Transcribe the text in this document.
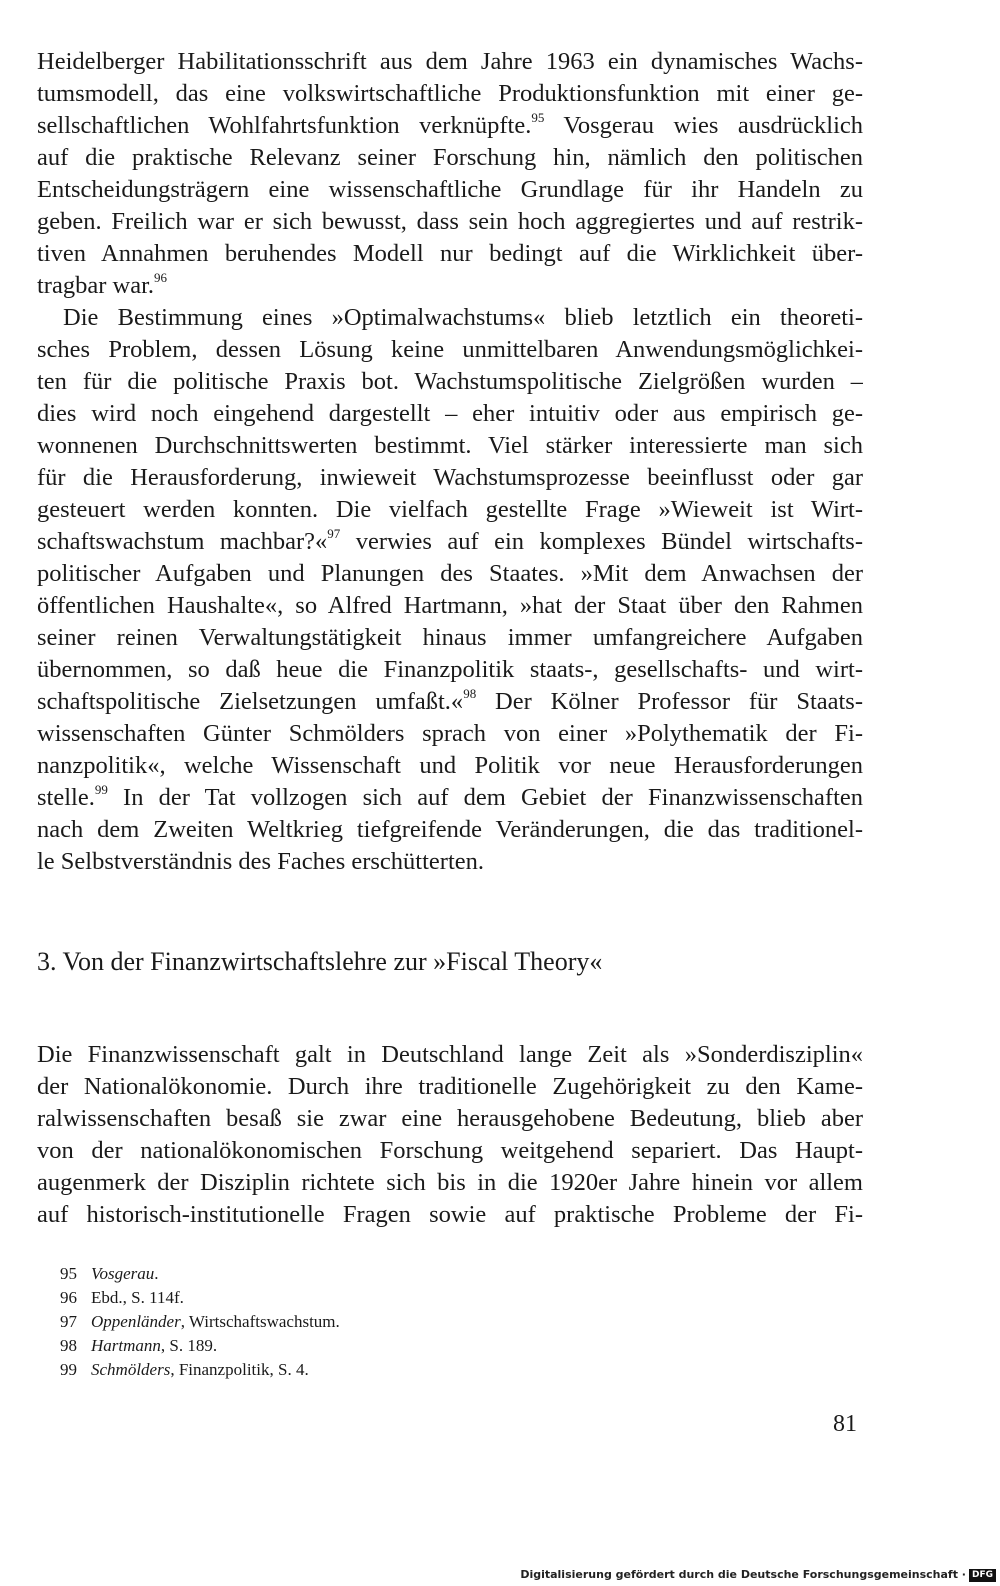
Heidelberger Habilitationsschrift aus dem Jahre 1963 ein dynamisches Wachs-
tumsmodell, das eine volkswirtschaftliche Produktionsfunktion mit einer ge-
sellschaftlichen Wohlfahrtsfunktion verknüpfte.$^{95}$ Vosgerau wies ausdrücklich
auf die praktische Relevanz seiner Forschung hin, nämlich den politischen
Entscheidungsträgern eine wissenschaftliche Grundlage für ihr Handeln zu
geben. Freilich war er sich bewusst, dass sein hoch aggregiertes und auf restrik-
tiven Annahmen beruhendes Modell nur bedingt auf die Wirklichkeit über-
tragbar war.$^{96}$
Die Bestimmung eines »Optimalwachstums« blieb letztlich ein theoreti-
sches Problem, dessen Lösung keine unmittelbaren Anwendungsmöglichkei-
ten für die politische Praxis bot. Wachstumspolitische Zielgrößen wurden –
dies wird noch eingehend dargestellt – eher intuitiv oder aus empirisch ge-
wonnenen Durchschnittswerten bestimmt. Viel stärker interessierte man sich
für die Herausforderung, inwieweit Wachstumsprozesse beeinflusst oder gar
gesteuert werden konnten. Die vielfach gestellte Frage »Wieweit ist Wirt-
schaftswachstum machbar?«$^{97}$ verwies auf ein komplexes Bündel wirtschafts-
politischer Aufgaben und Planungen des Staates. »Mit dem Anwachsen der
öffentlichen Haushalte«, so Alfred Hartmann, »hat der Staat über den Rahmen
seiner reinen Verwaltungstätigkeit hinaus immer umfangreichere Aufgaben
übernommen, so daß heue die Finanzpolitik staats-, gesellschafts- und wirt-
schaftspolitische Zielsetzungen umfaßt.«$^{98}$ Der Kölner Professor für Staats-
wissenschaften Günter Schmölders sprach von einer »Polythematik der Fi-
nanzpolitik«, welche Wissenschaft und Politik vor neue Herausforderungen
stelle.$^{99}$ In der Tat vollzogen sich auf dem Gebiet der Finanzwissenschaften
nach dem Zweiten Weltkrieg tiefgreifende Veränderungen, die das traditionel-
le Selbstverständnis des Faches erschütterten.
3. Von der Finanzwirtschaftslehre zur »Fiscal Theory«
Die Finanzwissenschaft galt in Deutschland lange Zeit als »Sonderdisziplin«
der Nationalökonomie. Durch ihre traditionelle Zugehörigkeit zu den Kame-
ralwissenschaften besaß sie zwar eine herausgehobene Bedeutung, blieb aber
von der nationalökonomischen Forschung weitgehend separiert. Das Haupt-
augenmerk der Disziplin richtete sich bis in die 1920er Jahre hinein vor allem
auf historisch-institutionelle Fragen sowie auf praktische Probleme der Fi-
95 Vosgerau.
96 Ebd., S. 114f.
97 Oppenländer, Wirtschaftswachstum.
98 Hartmann, S. 189.
99 Schmölders, Finanzpolitik, S. 4.
81
Digitalisierung gefördert durch die Deutsche Forschungsgemeinschaft · DFG
